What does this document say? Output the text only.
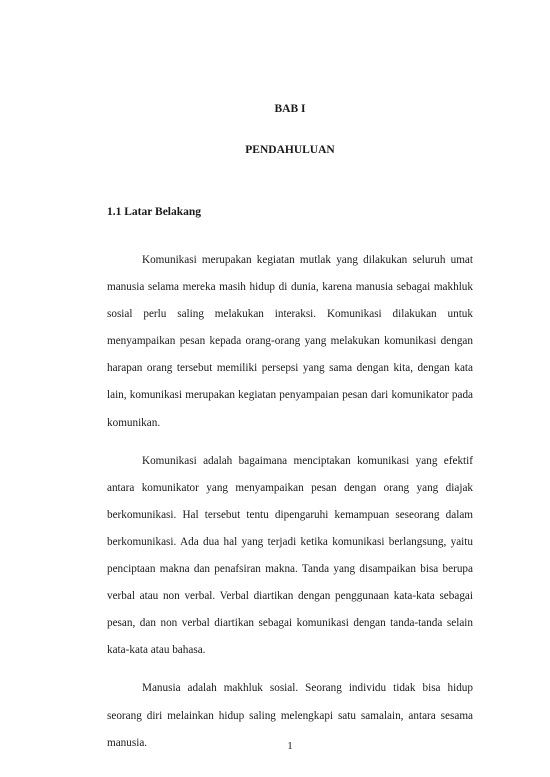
BAB I
PENDAHULUAN
1.1 Latar Belakang

Komunikasi merupakan kegiatan mutlak yang dilakukan seluruh umat manusia selama mereka masih hidup di dunia, karena manusia sebagai makhluk sosial perlu saling melakukan interaksi. Komunikasi dilakukan untuk menyampaikan pesan kepada orang-orang yang melakukan komunikasi dengan harapan orang tersebut memiliki persepsi yang sama dengan kita, dengan kata lain, komunikasi merupakan kegiatan penyampaian pesan dari komunikator pada komunikan.

Komunikasi adalah bagaimana menciptakan komunikasi yang efektif antara komunikator yang menyampaikan pesan dengan orang yang diajak berkomunikasi. Hal tersebut tentu dipengaruhi kemampuan seseorang dalam berkomunikasi. Ada dua hal yang terjadi ketika komunikasi berlangsung, yaitu penciptaan makna dan penafsiran makna. Tanda yang disampaikan bisa berupa verbal atau non verbal. Verbal diartikan dengan penggunaan kata-kata sebagai pesan, dan non verbal diartikan sebagai komunikasi dengan tanda-tanda selain kata-kata atau bahasa.

Manusia adalah makhluk sosial. Seorang individu tidak bisa hidup seorang diri melainkan hidup saling melengkapi satu samalain, antara sesama manusia.	1
